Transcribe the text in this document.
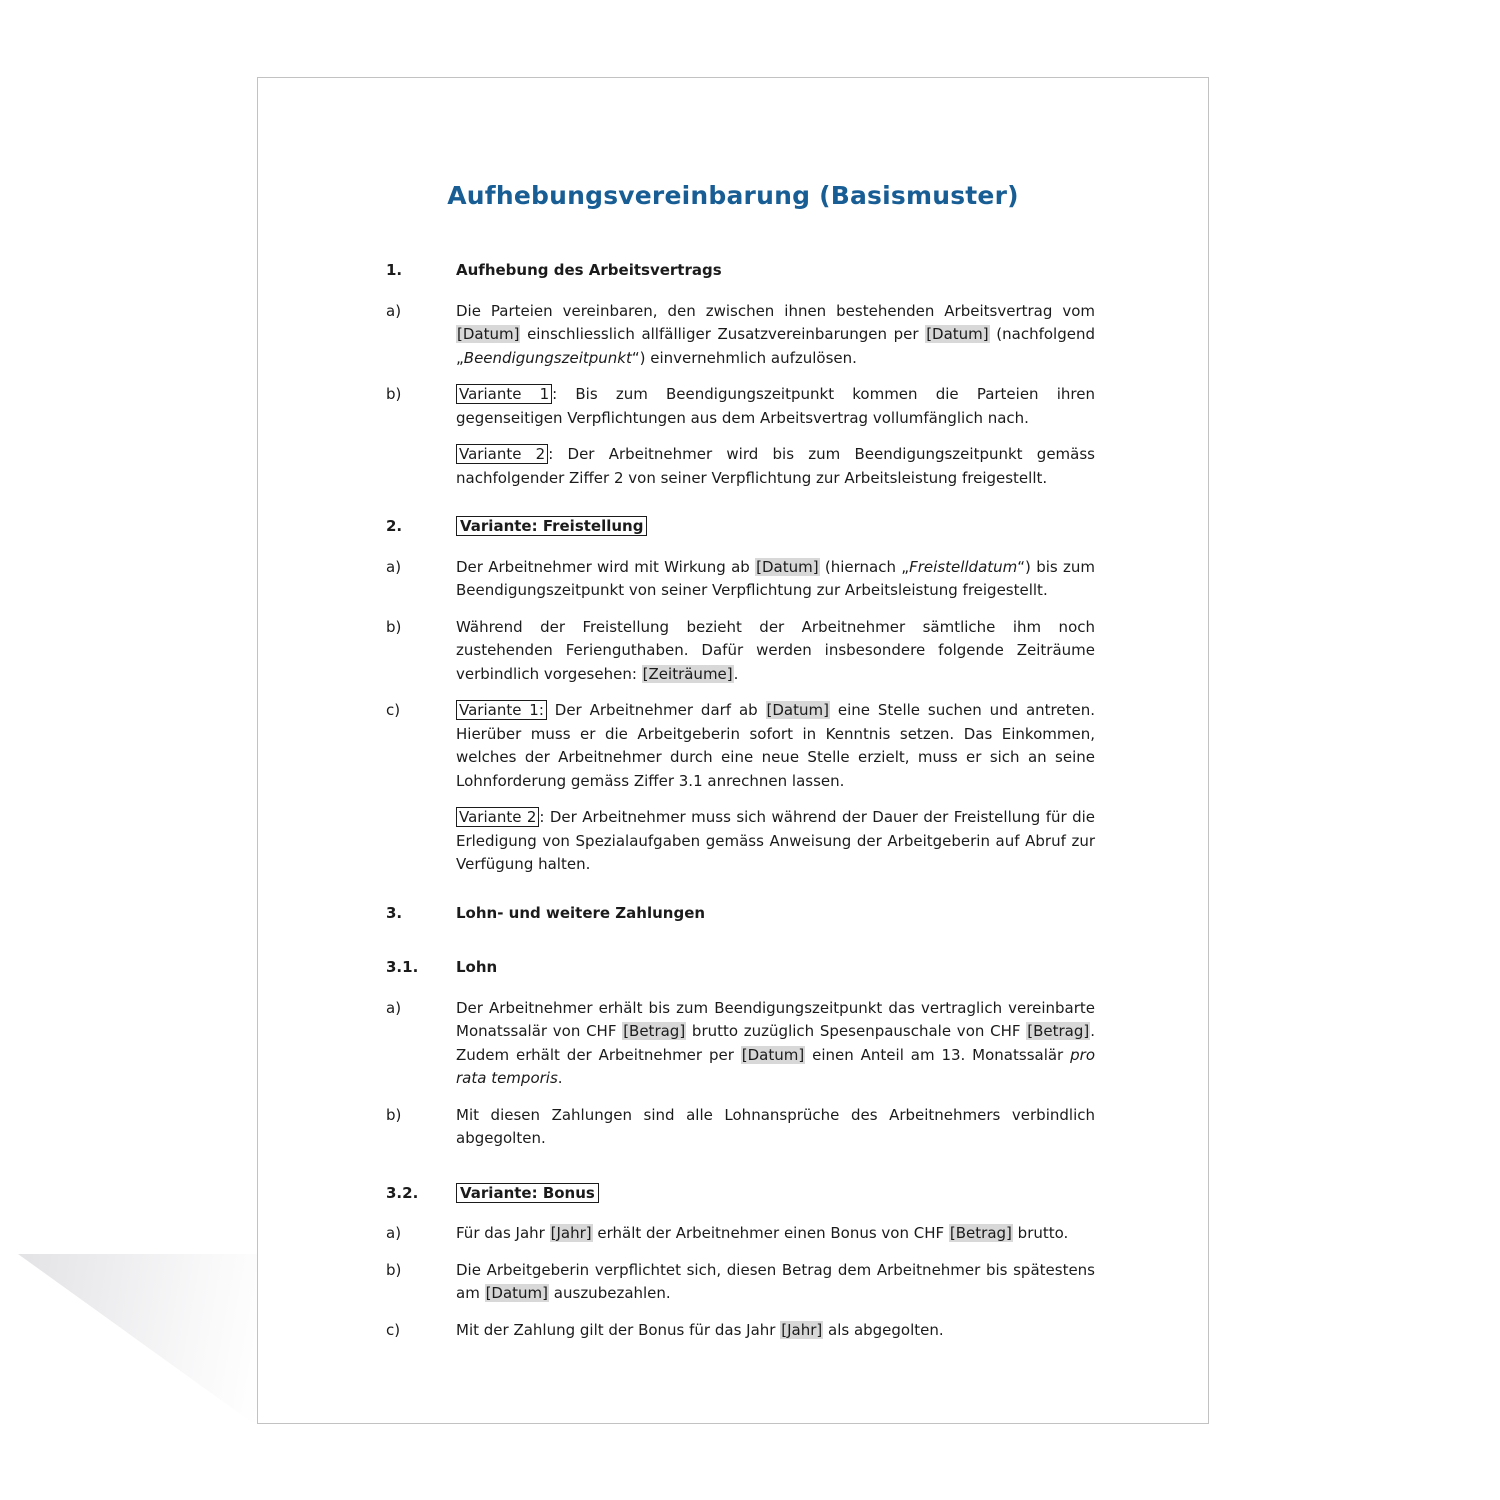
Aufhebungsvereinbarung (Basismuster)
1.	Aufhebung des Arbeitsvertrags
a)	Die Parteien vereinbaren, den zwischen ihnen bestehenden Arbeitsvertrag vom [Datum] einschliesslich allfälliger Zusatzvereinbarungen per [Datum] (nachfolgend „Beendigungszeitpunkt“) einvernehmlich aufzulösen.
b)	Variante 1 : Bis zum Beendigungszeitpunkt kommen die Parteien ihren gegenseitigen Verpflichtungen aus dem Arbeitsvertrag vollumfänglich nach.
Variante 2 : Der Arbeitnehmer wird bis zum Beendigungszeitpunkt gemäss nachfolgender Ziffer 2 von seiner Verpflichtung zur Arbeitsleistung freigestellt.
2.	Variante: Freistellung
a)	Der Arbeitnehmer wird mit Wirkung ab [Datum] (hiernach „Freistelldatum“) bis zum Beendigungszeitpunkt von seiner Verpflichtung zur Arbeitsleistung freigestellt.
b)	Während der Freistellung bezieht der Arbeitnehmer sämtliche ihm noch zustehenden Ferienguthaben. Dafür werden insbesondere folgende Zeiträume verbindlich vorgesehen: [Zeiträume].
c)	Variante 1: Der Arbeitnehmer darf ab [Datum] eine Stelle suchen und antreten. Hierüber muss er die Arbeitgeberin sofort in Kenntnis setzen. Das Einkommen, welches der Arbeitnehmer durch eine neue Stelle erzielt, muss er sich an seine Lohnforderung gemäss Ziffer 3.1 anrechnen lassen.
Variante 2 : Der Arbeitnehmer muss sich während der Dauer der Freistellung für die Erledigung von Spezialaufgaben gemäss Anweisung der Arbeitgeberin auf Abruf zur Verfügung halten.
3.	Lohn- und weitere Zahlungen
3.1.	Lohn
a)	Der Arbeitnehmer erhält bis zum Beendigungszeitpunkt das vertraglich vereinbarte Monatssalär von CHF [Betrag] brutto zuzüglich Spesenpauschale von CHF [Betrag]. Zudem erhält der Arbeitnehmer per [Datum] einen Anteil am 13. Monatssalär pro rata temporis.
b)	Mit diesen Zahlungen sind alle Lohnansprüche des Arbeitnehmers verbindlich abgegolten.
3.2.	Variante: Bonus
a)	Für das Jahr [Jahr] erhält der Arbeitnehmer einen Bonus von CHF [Betrag] brutto.
b)	Die Arbeitgeberin verpflichtet sich, diesen Betrag dem Arbeitnehmer bis spätestens am [Datum] auszubezahlen.
c)	Mit der Zahlung gilt der Bonus für das Jahr [Jahr] als abgegolten.
